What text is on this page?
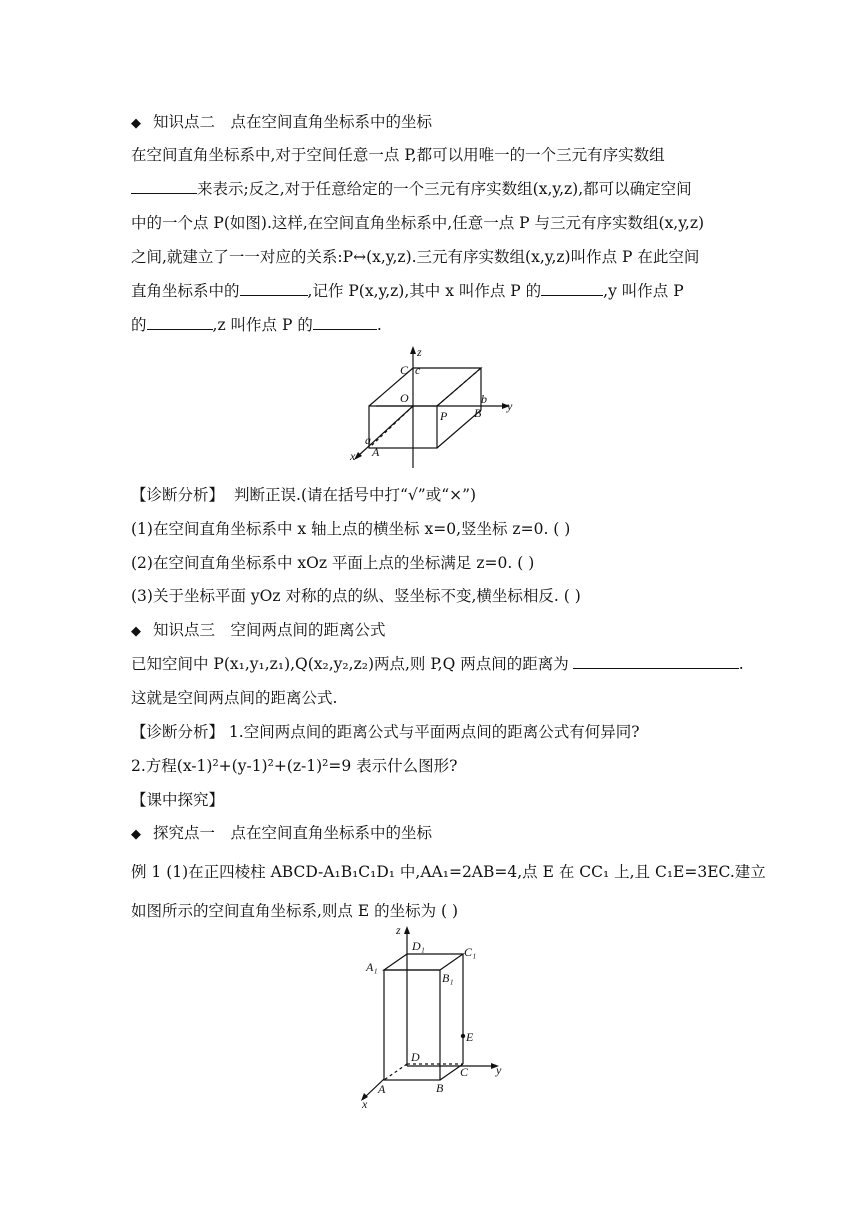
◆ 知识点二　点在空间直角坐标系中的坐标
在空间直角坐标系中,对于空间任意一点 P,都可以用唯一的一个三元有序实数组
来表示;反之,对于任意给定的一个三元有序实数组(x,y,z),都可以确定空间
中的一个点 P(如图).这样,在空间直角坐标系中,任意一点 P 与三元有序实数组(x,y,z)
之间,就建立了一一对应的关系:P↔(x,y,z).三元有序实数组(x,y,z)叫作点 P 在此空间
直角坐标系中的	,记作 P(x,y,z),其中 x 叫作点 P 的	,y 叫作点 P
的	,z 叫作点 P 的	.
z
C c
O	b y
P B
a
A
x
【诊断分析】 判断正误.(请在括号中打“√”或“×”)
(1)在空间直角坐标系中 x 轴上点的横坐标 x=0,竖坐标 z=0. ( )
(2)在空间直角坐标系中 xOz 平面上点的坐标满足 z=0. ( )
(3)关于坐标平面 yOz 对称的点的纵、竖坐标不变,横坐标相反. ( )
◆ 知识点三　空间两点间的距离公式
已知空间中 P(x₁,y₁,z₁),Q(x₂,y₂,z₂)两点,则 P,Q 两点间的距离为	.
这就是空间两点间的距离公式.
【诊断分析】 1.空间两点间的距离公式与平面两点间的距离公式有何异同?
2.方程(x-1)²+(y-1)²+(z-1)²=9 表示什么图形?
【课中探究】
◆ 探究点一　点在空间直角坐标系中的坐标
例 1 (1)在正四棱柱 ABCD-A₁B₁C₁D₁ 中,AA₁=2AB=4,点 E 在 CC₁ 上,且 C₁E=3EC.建立
如图所示的空间直角坐标系,则点 E 的坐标为 ( )
z
D₁	C₁
A₁
B₁
E
D
C y
A	B
x
